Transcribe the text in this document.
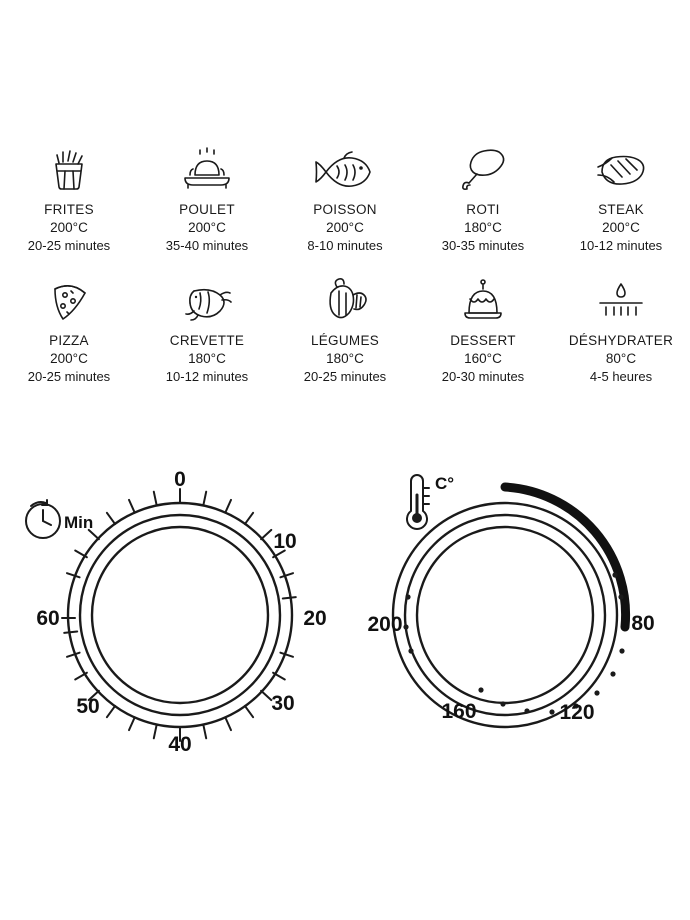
FRITES
200°C
20-25 minutes
POULET
200°C
35-40 minutes
POISSON
200°C
8-10 minutes
ROTI
180°C
30-35 minutes
STEAK
200°C
10-12 minutes
PIZZA
200°C
20-25 minutes
CREVETTE
180°C
10-12 minutes
LÉGUMES
180°C
20-25 minutes
DESSERT
160°C
20-30 minutes
DÉSHYDRATER
80°C
4-5 heures
0
10
20
30
40
50
60
Min
80
120
160
200
C°
